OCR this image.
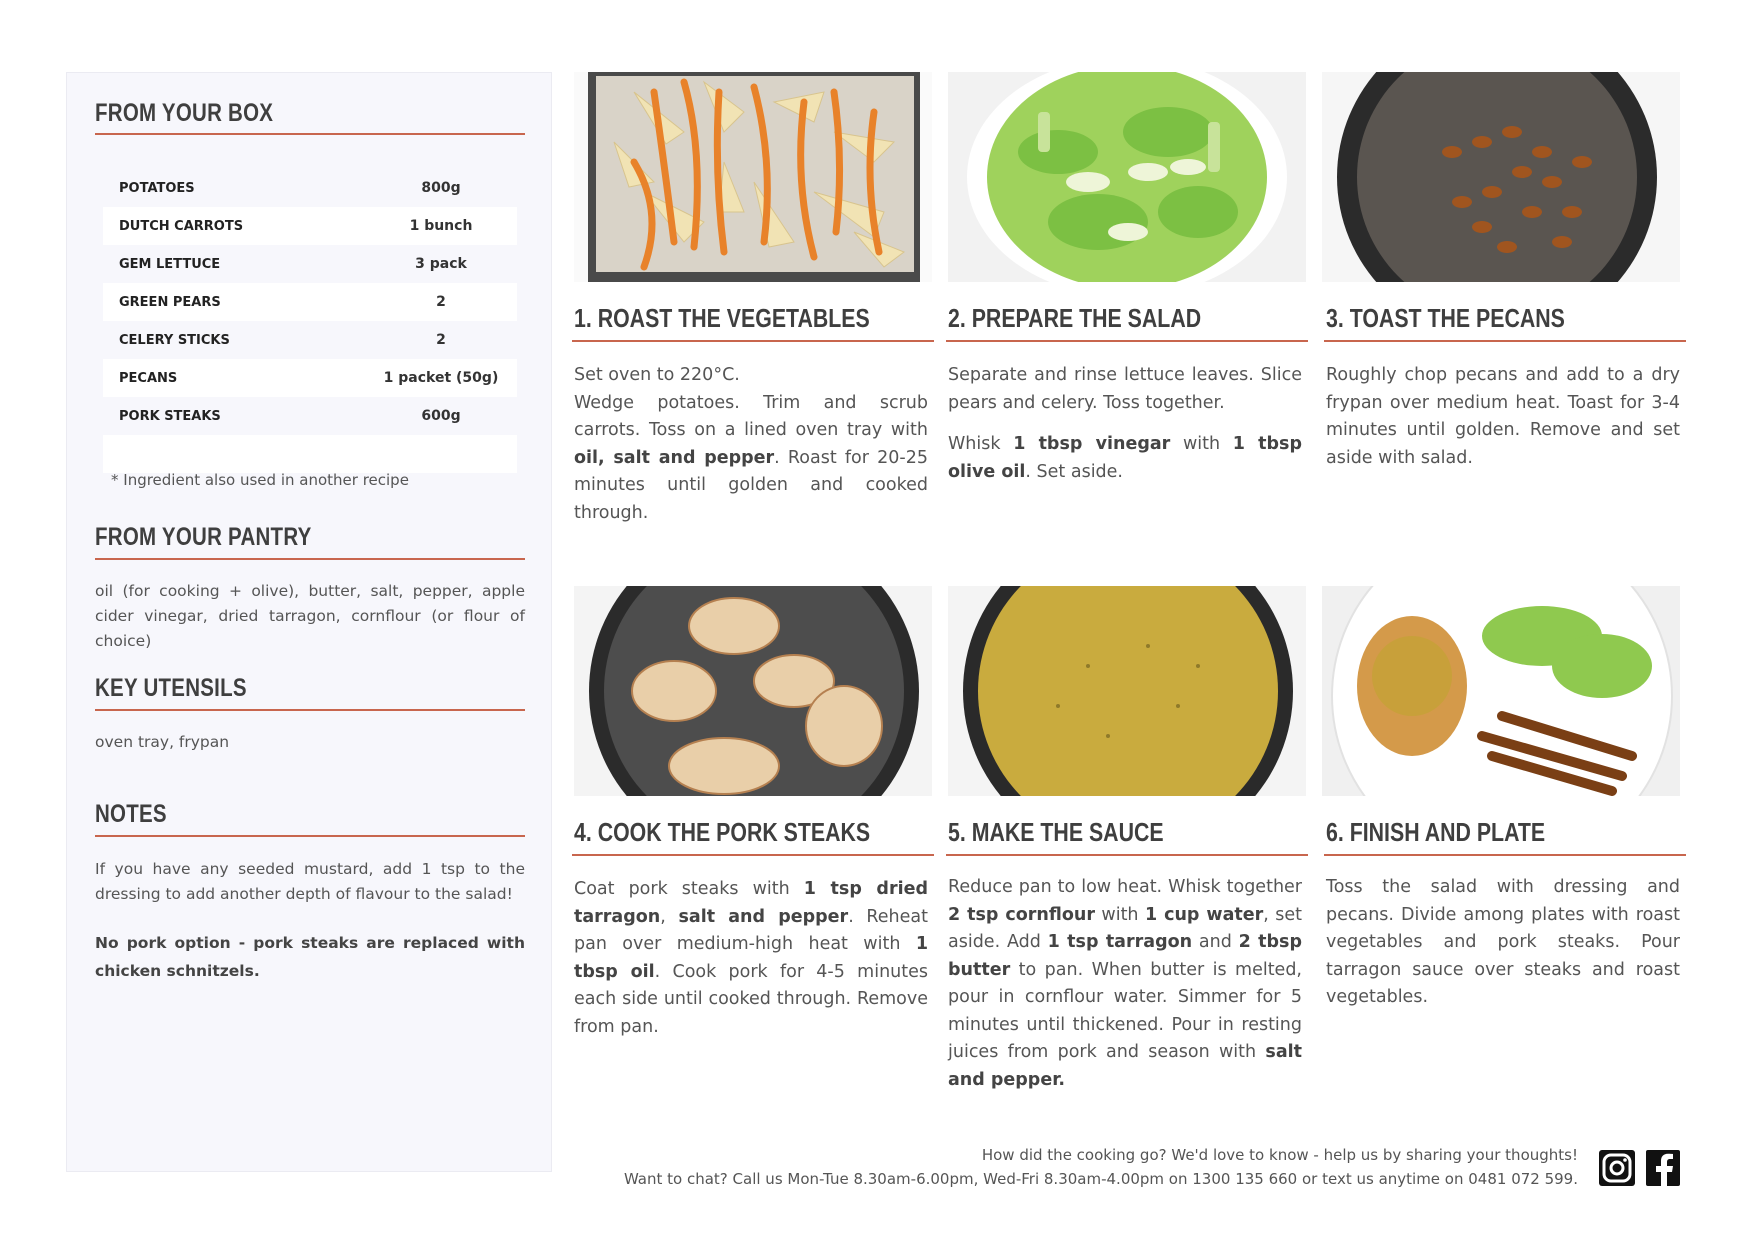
FROM YOUR BOX
POTATOES	800g
DUTCH CARROTS	1 bunch
GEM LETTUCE	3 pack
GREEN PEARS	2
CELERY STICKS	2
PECANS	1 packet (50g)
PORK STEAKS	600g
* Ingredient also used in another recipe
FROM YOUR PANTRY
oil (for cooking + olive), butter, salt, pepper, apple cider vinegar, dried tarragon, cornflour (or flour of choice)
KEY UTENSILS
oven tray, frypan
NOTES
If you have any seeded mustard, add 1 tsp to the dressing to add another depth of flavour to the salad!
No pork option - pork steaks are replaced with chicken schnitzels.
1. ROAST THE VEGETABLES
Set oven to 220°C.
Wedge potatoes. Trim and scrub carrots. Toss on a lined oven tray with oil, salt and pepper. Roast for 20-25 minutes until golden and cooked through.
2. PREPARE THE SALAD

Separate and rinse lettuce leaves. Slice pears and celery. Toss together.

Whisk 1 tbsp vinegar with 1 tbsp olive oil. Set aside.

3. TOAST THE PECANS
Roughly chop pecans and add to a dry frypan over medium heat. Toast for 3-4 minutes until golden. Remove and set aside with salad.
4. COOK THE PORK STEAKS
Coat pork steaks with 1 tsp dried tarragon, salt and pepper. Reheat pan over medium-high heat with 1 tbsp oil. Cook pork for 4-5 minutes each side until cooked through. Remove from pan.
5. MAKE THE SAUCE
Reduce pan to low heat. Whisk together 2 tsp cornflour with 1 cup water, set aside. Add 1 tsp tarragon and 2 tbsp butter to pan. When butter is melted, pour in cornflour water. Simmer for 5 minutes until thickened. Pour in resting juices from pork and season with salt and pepper.
6. FINISH AND PLATE
Toss the salad with dressing and pecans. Divide among plates with roast vegetables and pork steaks. Pour tarragon sauce over steaks and roast vegetables.
How did the cooking go? We'd love to know - help us by sharing your thoughts!
Want to chat? Call us Mon-Tue 8.30am-6.00pm, Wed-Fri 8.30am-4.00pm on 1300 135 660 or text us anytime on 0481 072 599.
